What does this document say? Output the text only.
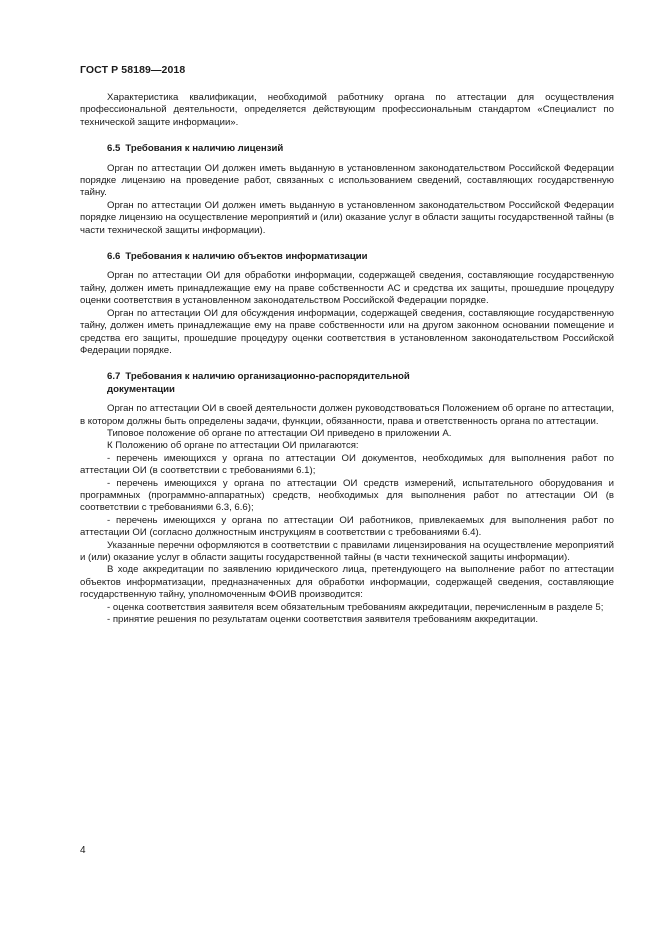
ГОСТ Р 58189—2018

Характеристика квалификации, необходимой работнику органа по аттестации для осуществления профессиональной деятельности, определяется действующим профессиональным стандартом «Специалист по технической защите информации».

6.5 Требования к наличию лицензий

Орган по аттестации ОИ должен иметь выданную в установленном законодательством Российской Федерации порядке лицензию на проведение работ, связанных с использованием сведений, составляющих государственную тайну.

Орган по аттестации ОИ должен иметь выданную в установленном законодательством Российской Федерации порядке лицензию на осуществление мероприятий и (или) оказание услуг в области защиты государственной тайны (в части технической защиты информации).

6.6 Требования к наличию объектов информатизации

Орган по аттестации ОИ для обработки информации, содержащей сведения, составляющие государственную тайну, должен иметь принадлежащие ему на праве собственности АС и средства их защиты, прошедшие процедуру оценки соответствия в установленном законодательством Российской Федерации порядке.

Орган по аттестации ОИ для обсуждения информации, содержащей сведения, составляющие государственную тайну, должен иметь принадлежащие ему на праве собственности или на другом законном основании помещение и средства его защиты, прошедшие процедуру оценки соответствия в установленном законодательством Российской Федерации порядке.

6.7 Требования к наличию организационно-распорядительной
документации

Орган по аттестации ОИ в своей деятельности должен руководствоваться Положением об органе по аттестации, в котором должны быть определены задачи, функции, обязанности, права и ответственность органа по аттестации.

Типовое положение об органе по аттестации ОИ приведено в приложении А.

К Положению об органе по аттестации ОИ прилагаются:

- перечень имеющихся у органа по аттестации ОИ документов, необходимых для выполнения работ по аттестации ОИ (в соответствии с требованиями 6.1);

- перечень имеющихся у органа по аттестации ОИ средств измерений, испытательного оборудования и программных (программно-аппаратных) средств, необходимых для выполнения работ по аттестации ОИ (в соответствии с требованиями 6.3, 6.6);

- перечень имеющихся у органа по аттестации ОИ работников, привлекаемых для выполнения работ по аттестации ОИ (согласно должностным инструкциям в соответствии с требованиями 6.4).

Указанные перечни оформляются в соответствии с правилами лицензирования на осуществление мероприятий и (или) оказание услуг в области защиты государственной тайны (в части технической защиты информации).

В ходе аккредитации по заявлению юридического лица, претендующего на выполнение работ по аттестации объектов информатизации, предназначенных для обработки информации, содержащей сведения, составляющие государственную тайну, уполномоченным ФОИВ производится:

- оценка соответствия заявителя всем обязательным требованиям аккредитации, перечисленным в разделе 5;

- принятие решения по результатам оценки соответствия заявителя требованиям аккредитации.

4
